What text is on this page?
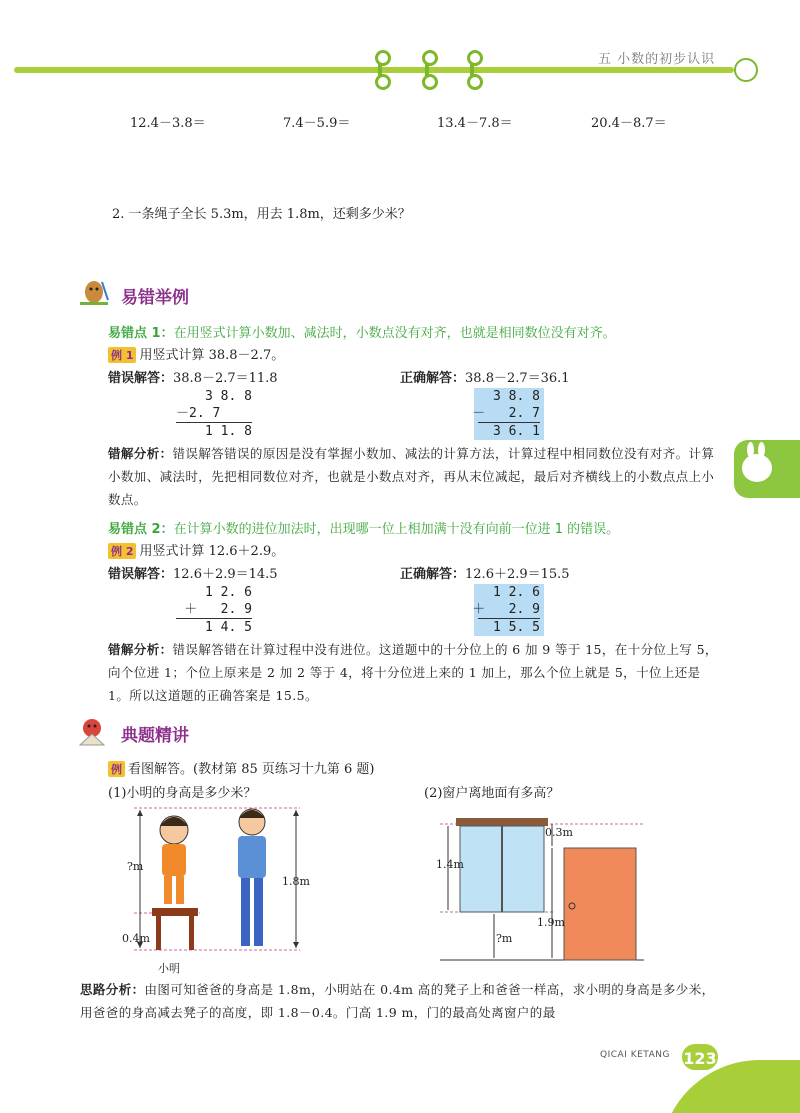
五 小数的初步认识
12.4－3.8＝	7.4－5.9＝	13.4－7.8＝	20.4－8.7＝
2. 一条绳子全长 5.3m，用去 1.8m，还剩多少米？
易错举例
易错点 1：在用竖式计算小数加、减法时，小数点没有对齐，也就是相同数位没有对齐。
例 1 用竖式计算 38.8－2.7。
错误解答：38.8－2.7＝11.8	正确解答：38.8－2.7＝36.1
3 8. 8
－2. 7
1 1. 8
3 8. 8
－   2. 7
3 6. 1
错解分析：错误解答错误的原因是没有掌握小数加、减法的计算方法，计算过程中相同数位没有对齐。计算小数加、减法时，先把相同数位对齐，也就是小数点对齐，再从末位减起，最后对齐横线上的小数点点上小数点。
易错点 2：在计算小数的进位加法时，出现哪一位上相加满十没有向前一位进 1 的错误。
例 2 用竖式计算 12.6＋2.9。
错误解答：12.6＋2.9＝14.5	正确解答：12.6＋2.9＝15.5
1 2. 6
＋   2. 9
1 4. 5
1 2. 6
＋   2. 9
1 5. 5
错解分析：错误解答错在计算过程中没有进位。这道题中的十分位上的 6 加 9 等于 15，在十分位上写 5，向个位进 1；个位上原来是 2 加 2 等于 4，将十分位进上来的 1 加上，那么个位上就是 5，十位上还是 1。所以这道题的正确答案是 15.5。
典题精讲
例 看图解答。(教材第 85 页练习十九第 6 题)
(1)小明的身高是多少米？	(2)窗户离地面有多高？
?m
0.4m
1.8m
小明
0.3m
1.4m
1.9m
?m
思路分析：由图可知爸爸的身高是 1.8m，小明站在 0.4m 高的凳子上和爸爸一样高，求小明的身高是多少米，用爸爸的身高减去凳子的高度，即 1.8－0.4。门高 1.9 m，门的最高处离窗户的最
QICAI KETANG 123
